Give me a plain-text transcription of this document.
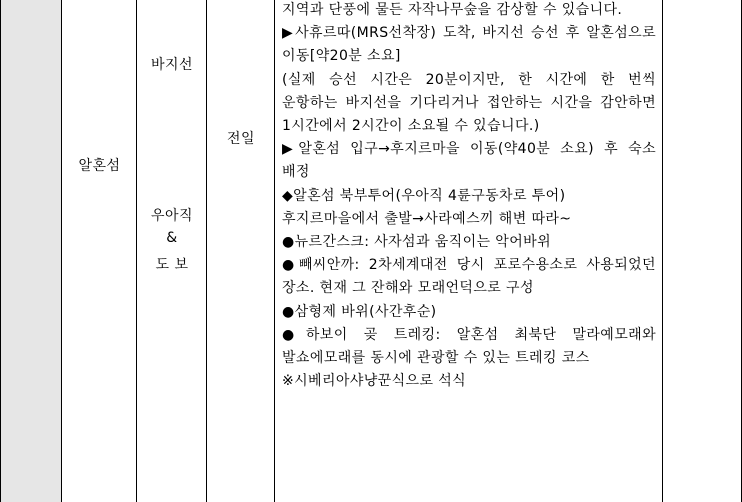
알혼섬
바지선
우아직
&
도 보
전일

지역과 단풍에 물든 자작나무숲을 감상할 수 있습니다.

▶사휴르따(MRS선착장) 도착, 바지선 승선 후 알혼섬으로 이동[약20분 소요]

(실제 승선 시간은 20분이지만, 한 시간에 한 번씩 운항하는 바지선을 기다리거나 접안하는 시간을 감안하면 1시간에서 2시간이 소요될 수 있습니다.)

▶알혼섬 입구→후지르마을 이동(약40분 소요) 후 숙소 배정

◆알혼섬 북부투어(우아직 4륜구동차로 투어)

후지르마을에서 출발→사라예스끼 해변 따라~

●뉴르간스크: 사자섬과 움직이는 악어바위

●빼씨안까: 2차세계대전 당시 포로수용소로 사용되었던 장소. 현재 그 잔해와 모래언덕으로 구성

●삼형제 바위(사간후순)

●하보이 곶 트레킹: 알혼섬 최북단 말라예모래와 발쇼에모래를 동시에 관광할 수 있는 트레킹 코스

※시베리아샤냥꾼식으로 석식
